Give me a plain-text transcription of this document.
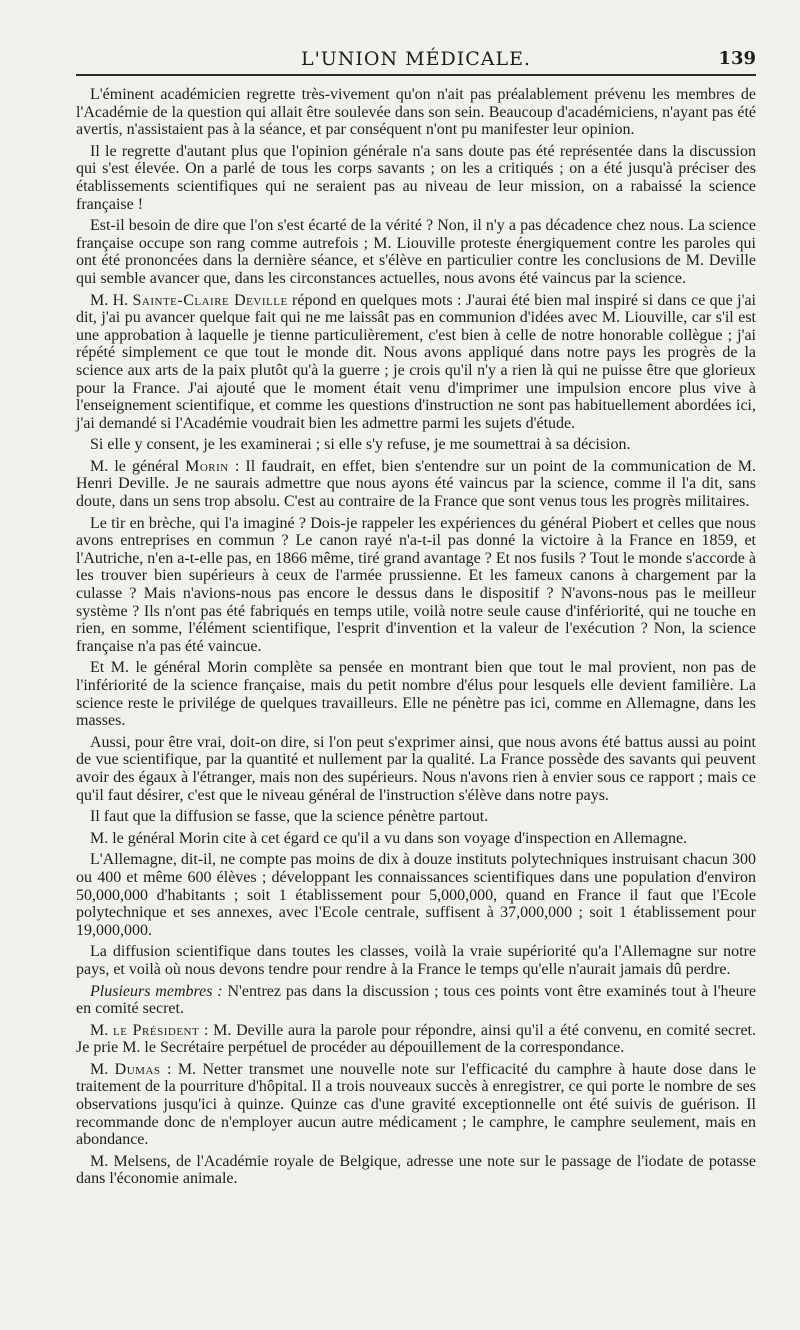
L'UNION MÉDICALE.	139

L'éminent académicien regrette très-vivement qu'on n'ait pas préalablement prévenu les membres de l'Académie de la question qui allait être soulevée dans son sein. Beaucoup d'académiciens, n'ayant pas été avertis, n'assistaient pas à la séance, et par conséquent n'ont pu manifester leur opinion.

Il le regrette d'autant plus que l'opinion générale n'a sans doute pas été représentée dans la discussion qui s'est élevée. On a parlé de tous les corps savants ; on les a critiqués ; on a été jusqu'à préciser des établissements scientifiques qui ne seraient pas au niveau de leur mission, on a rabaissé la science française !

Est-il besoin de dire que l'on s'est écarté de la vérité ? Non, il n'y a pas décadence chez nous. La science française occupe son rang comme autrefois ; M. Liouville proteste énergiquement contre les paroles qui ont été prononcées dans la dernière séance, et s'élève en particulier contre les conclusions de M. Deville qui semble avancer que, dans les circonstances actuelles, nous avons été vaincus par la science.

M. H. Sainte-Claire Deville répond en quelques mots : J'aurai été bien mal inspiré si dans ce que j'ai dit, j'ai pu avancer quelque fait qui ne me laissât pas en communion d'idées avec M. Liouville, car s'il est une approbation à laquelle je tienne particulièrement, c'est bien à celle de notre honorable collègue ; j'ai répété simplement ce que tout le monde dit. Nous avons appliqué dans notre pays les progrès de la science aux arts de la paix plutôt qu'à la guerre ; je crois qu'il n'y a rien là qui ne puisse être que glorieux pour la France. J'ai ajouté que le moment était venu d'imprimer une impulsion encore plus vive à l'enseignement scientifique, et comme les questions d'instruction ne sont pas habituellement abordées ici, j'ai demandé si l'Académie voudrait bien les admettre parmi les sujets d'étude.

Si elle y consent, je les examinerai ; si elle s'y refuse, je me soumettrai à sa décision.

M. le général Morin : Il faudrait, en effet, bien s'entendre sur un point de la communication de M. Henri Deville. Je ne saurais admettre que nous ayons été vaincus par la science, comme il l'a dit, sans doute, dans un sens trop absolu. C'est au contraire de la France que sont venus tous les progrès militaires.

Le tir en brèche, qui l'a imaginé ? Dois-je rappeler les expériences du général Piobert et celles que nous avons entreprises en commun ? Le canon rayé n'a-t-il pas donné la victoire à la France en 1859, et l'Autriche, n'en a-t-elle pas, en 1866 même, tiré grand avantage ? Et nos fusils ? Tout le monde s'accorde à les trouver bien supérieurs à ceux de l'armée prussienne. Et les fameux canons à chargement par la culasse ? Mais n'avions-nous pas encore le dessus dans le dispositif ? N'avons-nous pas le meilleur système ? Ils n'ont pas été fabriqués en temps utile, voilà notre seule cause d'infériorité, qui ne touche en rien, en somme, l'élément scientifique, l'esprit d'invention et la valeur de l'exécution ? Non, la science française n'a pas été vaincue.

Et M. le général Morin complète sa pensée en montrant bien que tout le mal provient, non pas de l'infériorité de la science française, mais du petit nombre d'élus pour lesquels elle devient familière. La science reste le privilége de quelques travailleurs. Elle ne pénètre pas ici, comme en Allemagne, dans les masses.

Aussi, pour être vrai, doit-on dire, si l'on peut s'exprimer ainsi, que nous avons été battus aussi au point de vue scientifique, par la quantité et nullement par la qualité. La France possède des savants qui peuvent avoir des égaux à l'étranger, mais non des supérieurs. Nous n'avons rien à envier sous ce rapport ; mais ce qu'il faut désirer, c'est que le niveau général de l'instruction s'élève dans notre pays.

Il faut que la diffusion se fasse, que la science pénètre partout.

M. le général Morin cite à cet égard ce qu'il a vu dans son voyage d'inspection en Allemagne.

L'Allemagne, dit-il, ne compte pas moins de dix à douze instituts polytechniques instruisant chacun 300 ou 400 et même 600 élèves ; développant les connaissances scientifiques dans une population d'environ 50,000,000 d'habitants ; soit 1 établissement pour 5,000,000, quand en France il faut que l'Ecole polytechnique et ses annexes, avec l'Ecole centrale, suffisent à 37,000,000 ; soit 1 établissement pour 19,000,000.

La diffusion scientifique dans toutes les classes, voilà la vraie supériorité qu'a l'Allemagne sur notre pays, et voilà où nous devons tendre pour rendre à la France le temps qu'elle n'aurait jamais dû perdre.

Plusieurs membres : N'entrez pas dans la discussion ; tous ces points vont être examinés tout à l'heure en comité secret.

M. le Président : M. Deville aura la parole pour répondre, ainsi qu'il a été convenu, en comité secret. Je prie M. le Secrétaire perpétuel de procéder au dépouillement de la correspondance.

M. Dumas : M. Netter transmet une nouvelle note sur l'efficacité du camphre à haute dose dans le traitement de la pourriture d'hôpital. Il a trois nouveaux succès à enregistrer, ce qui porte le nombre de ses observations jusqu'ici à quinze. Quinze cas d'une gravité exceptionnelle ont été suivis de guérison. Il recommande donc de n'employer aucun autre médicament ; le camphre, le camphre seulement, mais en abondance.

M. Melsens, de l'Académie royale de Belgique, adresse une note sur le passage de l'iodate de potasse dans l'économie animale.
